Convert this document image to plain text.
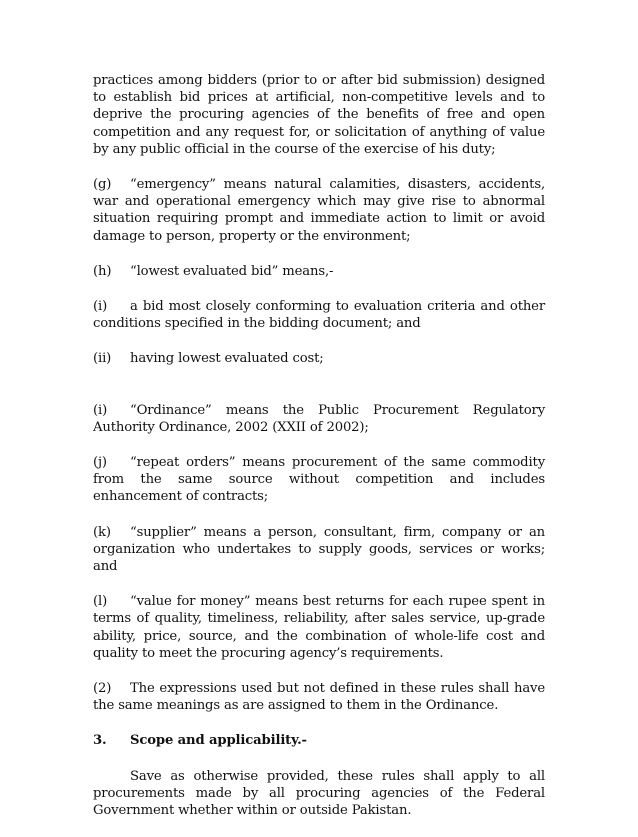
practices among bidders (prior to or after bid submission) designed to establish bid prices at artificial, non-competitive levels and to deprive the procuring agencies of the benefits of free and open competition and any request for, or solicitation of anything of value by any public official in the course of the exercise of his duty;

(g) “emergency” means natural calamities, disasters, accidents, war and operational emergency which may give rise to abnormal situation requiring prompt and immediate action to limit or avoid damage to person, property or the environment;

(h) “lowest evaluated bid” means,-

(i) a bid most closely conforming to evaluation criteria and other conditions specified in the bidding document; and

(ii) having lowest evaluated cost;

(i) “Ordinance” means the Public Procurement Regulatory Authority Ordinance, 2002 (XXII of 2002);

(j) “repeat orders” means procurement of the same commodity from the same source without competition and includes enhancement of contracts;

(k) “supplier” means a person, consultant, firm, company or an organization who undertakes to supply goods, services or works; and

(l) “value for money” means best returns for each rupee spent in terms of quality, timeliness, reliability, after sales service, up-grade ability, price, source, and the combination of whole-life cost and quality to meet the procuring agency’s requirements.

(2) The expressions used but not defined in these rules shall have the same meanings as are assigned to them in the Ordinance.

3. Scope and applicability.-

Save as otherwise provided, these rules shall apply to all procurements made by all procuring agencies of the Federal Government whether within or outside Pakistan.
